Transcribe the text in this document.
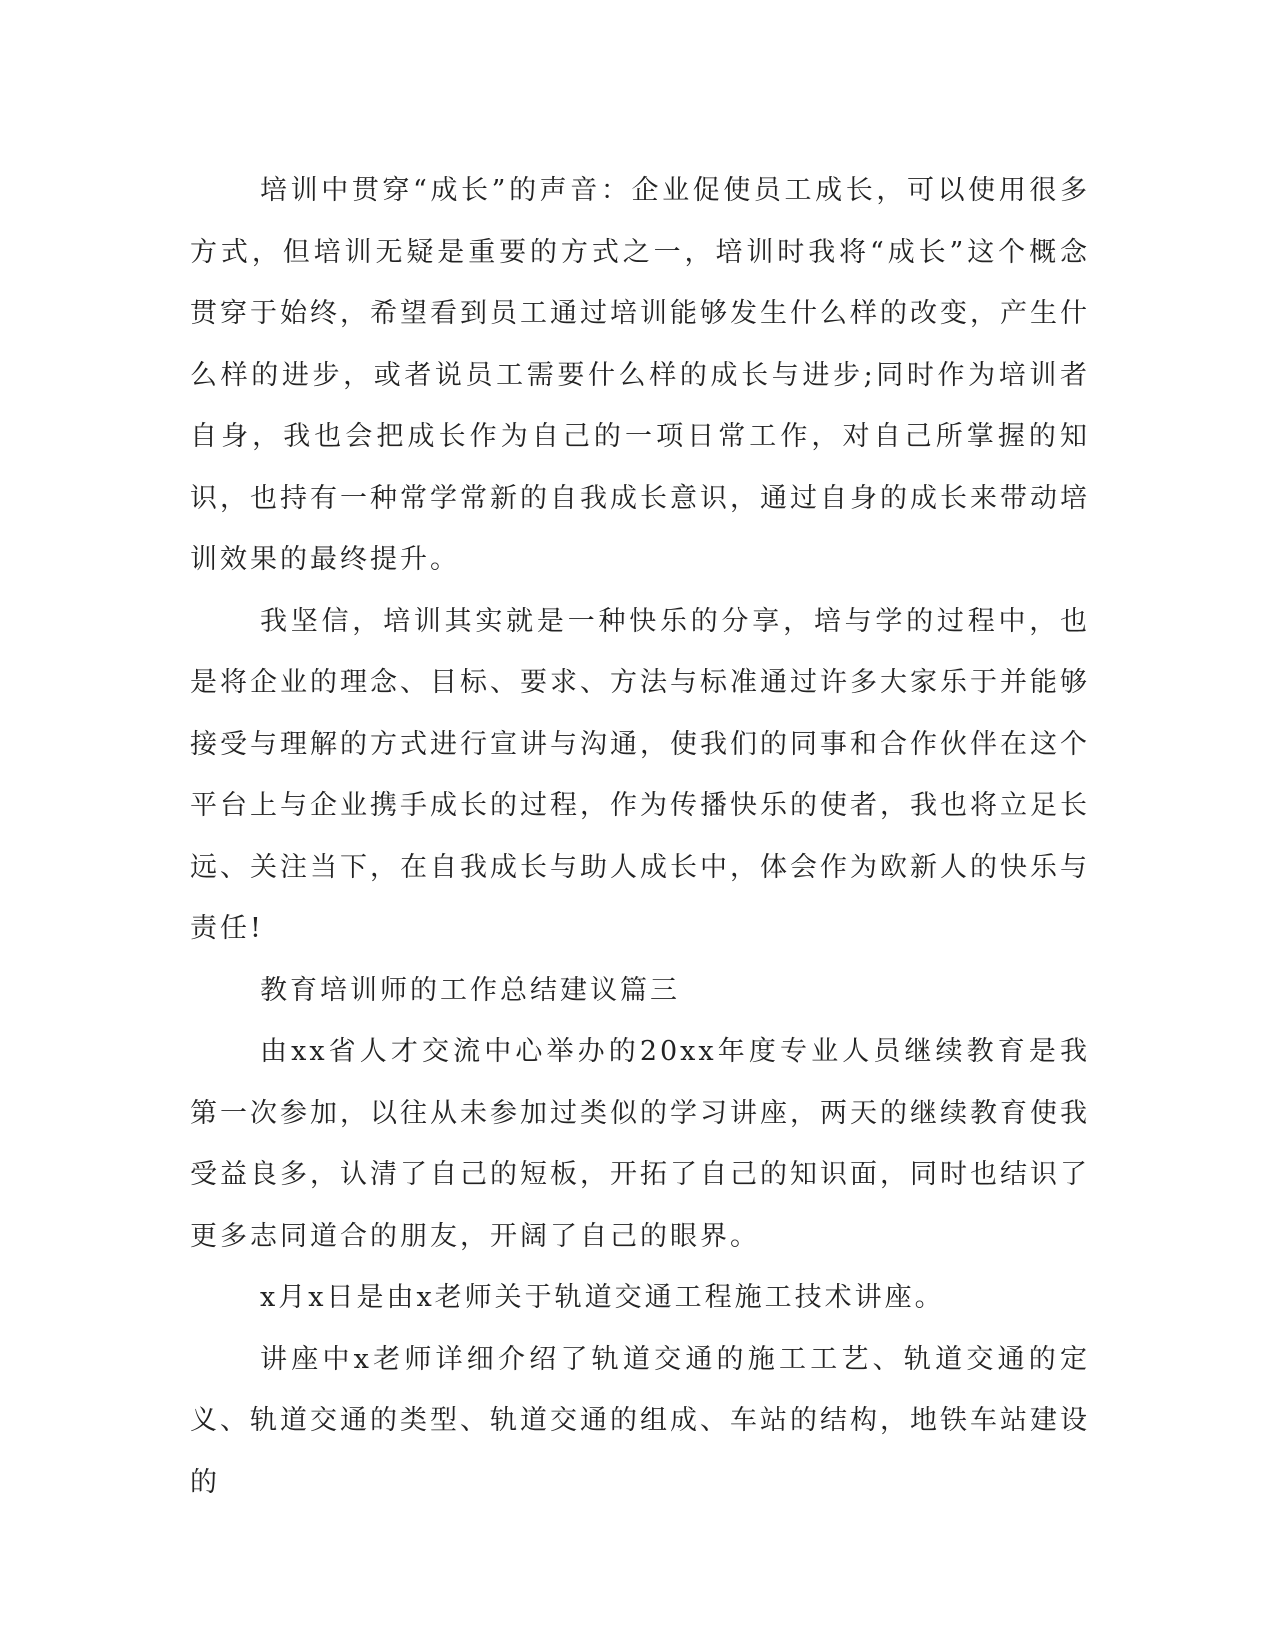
培训中贯穿“成长”的声音：企业促使员工成长，可以使用很多方式，但培训无疑是重要的方式之一，培训时我将“成长”这个概念贯穿于始终，希望看到员工通过培训能够发生什么样的改变，产生什么样的进步，或者说员工需要什么样的成长与进步;同时作为培训者自身，我也会把成长作为自己的一项日常工作，对自己所掌握的知识，也持有一种常学常新的自我成长意识，通过自身的成长来带动培训效果的最终提升。

我坚信，培训其实就是一种快乐的分享，培与学的过程中，也是将企业的理念、目标、要求、方法与标准通过许多大家乐于并能够接受与理解的方式进行宣讲与沟通，使我们的同事和合作伙伴在这个平台上与企业携手成长的过程，作为传播快乐的使者，我也将立足长远、关注当下，在自我成长与助人成长中，体会作为欧新人的快乐与责任!

教育培训师的工作总结建议篇三

由xx省人才交流中心举办的20xx年度专业人员继续教育是我第一次参加，以往从未参加过类似的学习讲座，两天的继续教育使我受益良多，认清了自己的短板，开拓了自己的知识面，同时也结识了更多志同道合的朋友，开阔了自己的眼界。

x月x日是由x老师关于轨道交通工程施工技术讲座。

讲座中x老师详细介绍了轨道交通的施工工艺、轨道交通的定义、轨道交通的类型、轨道交通的组成、车站的结构，地铁车站建设的
